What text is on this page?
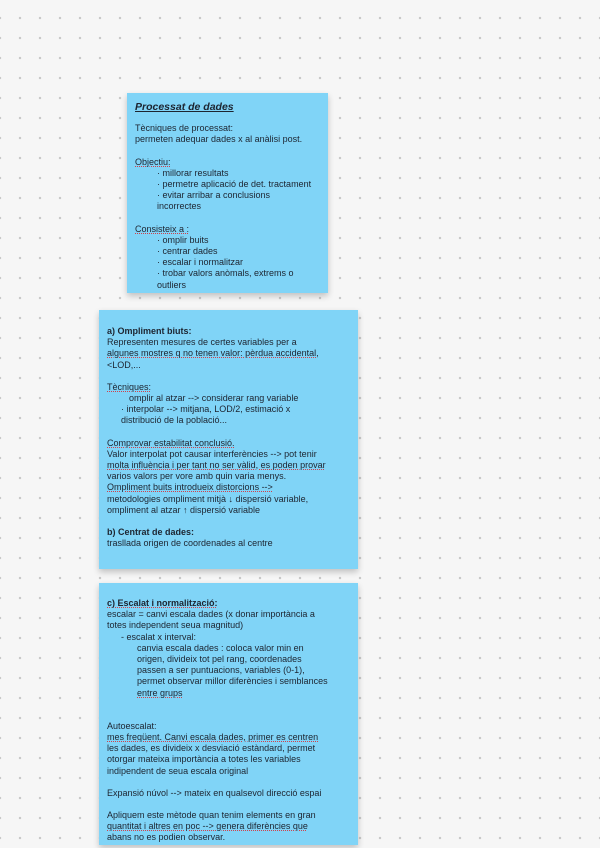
Processat de dades

Tècniques de processat:

permeten adequar dades x al anàlisi post.

Objectiu:

· millorar resultats

· permetre aplicació de det. tractament

· evitar arribar a conclusions

incorrectes

Consisteix a :

· omplir buits

· centrar dades

· escalar i normalitzar

· trobar valors anòmals, extrems o

outliers

a) Ompliment biuts:

Representen mesures de certes variables per a

algunes mostres q no tenen valor: pèrdua accidental,

<LOD,...

Tècniques:

omplir al atzar --> considerar rang variable

· interpolar --> mitjana, LOD/2, estimació x

distribució de la població...

Comprovar estabilitat conclusió.

Valor interpolat pot causar interferències --> pot tenir

molta influència i per tant no ser vàlid, es poden provar

varios valors per vore amb quin varia menys.

Ompliment buits introdueix distorcions -->

metodologies ompliment mitjà ↓ dispersió variable,

ompliment al atzar ↑ dispersió variable

b) Centrat de dades:

trasllada origen de coordenades al centre

c) Escalat i normalització:

escalar = canvi escala dades (x donar importància a

totes independent seua magnitud)

- escalat x interval:

canvia escala dades : coloca valor min en

origen, divideix tot pel rang, coordenades

passen a ser puntuacions, variables (0-1),

permet observar millor diferències i semblances

entre grups

Autoescalat:

mes freqüent. Canvi escala dades, primer es centren

les dades, es divideix x desviació estàndard, permet

otorgar mateixa importància a totes les variables

indipendent de seua escala original

Expansió núvol --> mateix en qualsevol direcció espai

Apliquem este mètode quan tenim elements en gran

quantitat i altres en poc --> genera diferències que

abans no es podien observar.
